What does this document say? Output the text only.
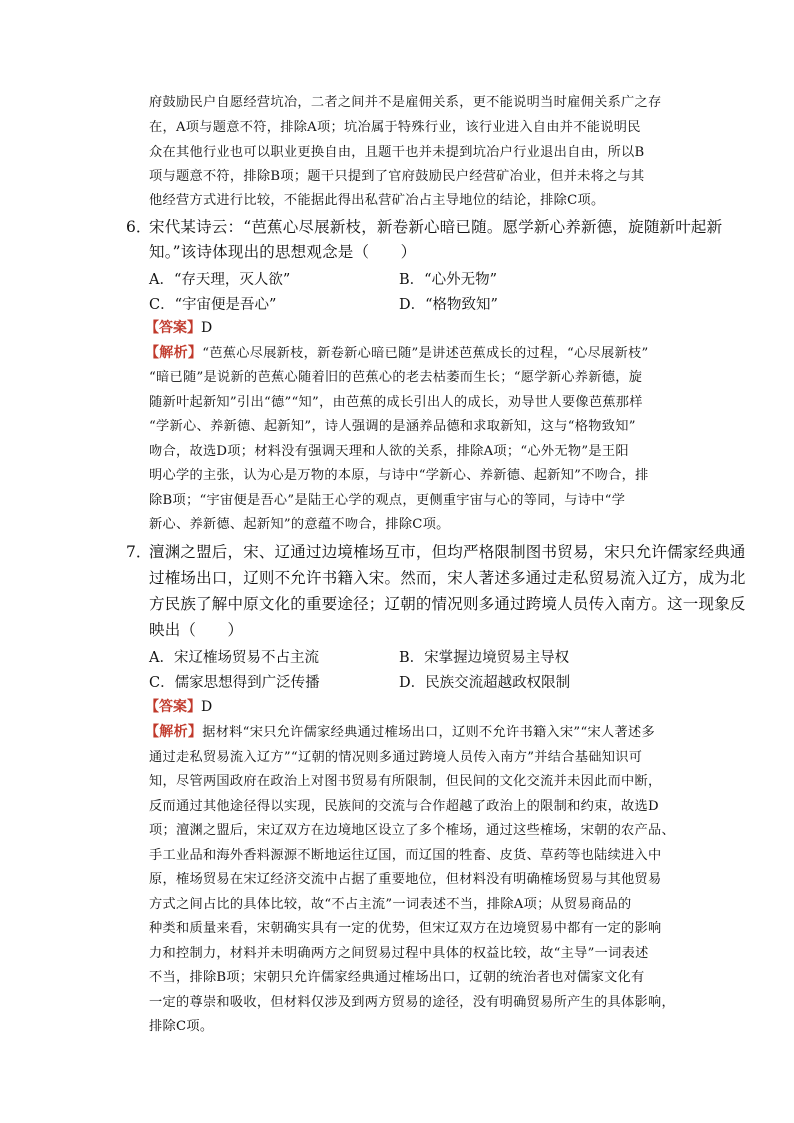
府鼓励民户自愿经营坑冶，二者之间并不是雇佣关系，更不能说明当时雇佣关系广之存
在，A项与题意不符，排除A项；坑冶属于特殊行业，该行业进入自由并不能说明民
众在其他行业也可以职业更换自由，且题干也并未提到坑冶户行业退出自由，所以B
项与题意不符，排除B项；题干只提到了官府鼓励民户经营矿冶业，但并未将之与其
他经营方式进行比较，不能据此得出私营矿冶占主导地位的结论，排除C项。
6．
宋代某诗云：“芭蕉心尽展新枝，新卷新心暗已随。愿学新心养新德，旋随新叶起新
知。”该诗体现出的思想观念是（　　）
A．“存天理，灭人欲”	B．“心外无物”
C．“宇宙便是吾心”	D．“格物致知”
【答案】D
【解析】“芭蕉心尽展新枝，新卷新心暗已随”是讲述芭蕉成长的过程，“心尽展新枝”
“暗已随”是说新的芭蕉心随着旧的芭蕉心的老去枯萎而生长；“愿学新心养新德，旋
随新叶起新知”引出“德”“知”，由芭蕉的成长引出人的成长，劝导世人要像芭蕉那样
“学新心、养新德、起新知”，诗人强调的是涵养品德和求取新知，这与“格物致知”
吻合，故选D项；材料没有强调天理和人欲的关系，排除A项；“心外无物”是王阳
明心学的主张，认为心是万物的本原，与诗中“学新心、养新德、起新知”不吻合，排
除B项；“宇宙便是吾心”是陆王心学的观点，更侧重宇宙与心的等同，与诗中“学
新心、养新德、起新知”的意蕴不吻合，排除C项。
7．
澶渊之盟后，宋、辽通过边境榷场互市，但均严格限制图书贸易，宋只允许儒家经典通
过榷场出口，辽则不允许书籍入宋。然而，宋人著述多通过走私贸易流入辽方，成为北
方民族了解中原文化的重要途径；辽朝的情况则多通过跨境人员传入南方。这一现象反
映出（　　）
A．宋辽榷场贸易不占主流	B．宋掌握边境贸易主导权
C．儒家思想得到广泛传播	D．民族交流超越政权限制
【答案】D
【解析】据材料“宋只允许儒家经典通过榷场出口，辽则不允许书籍入宋”“宋人著述多
通过走私贸易流入辽方”“辽朝的情况则多通过跨境人员传入南方”并结合基础知识可
知，尽管两国政府在政治上对图书贸易有所限制，但民间的文化交流并未因此而中断，
反而通过其他途径得以实现，民族间的交流与合作超越了政治上的限制和约束，故选D
项；澶渊之盟后，宋辽双方在边境地区设立了多个榷场，通过这些榷场，宋朝的农产品、
手工业品和海外香料源源不断地运往辽国，而辽国的牲畜、皮货、草药等也陆续进入中
原，榷场贸易在宋辽经济交流中占据了重要地位，但材料没有明确榷场贸易与其他贸易
方式之间占比的具体比较，故“不占主流”一词表述不当，排除A项；从贸易商品的
种类和质量来看，宋朝确实具有一定的优势，但宋辽双方在边境贸易中都有一定的影响
力和控制力，材料并未明确两方之间贸易过程中具体的权益比较，故“主导”一词表述
不当，排除B项；宋朝只允许儒家经典通过榷场出口，辽朝的统治者也对儒家文化有
一定的尊崇和吸收，但材料仅涉及到两方贸易的途径，没有明确贸易所产生的具体影响，
排除C项。
